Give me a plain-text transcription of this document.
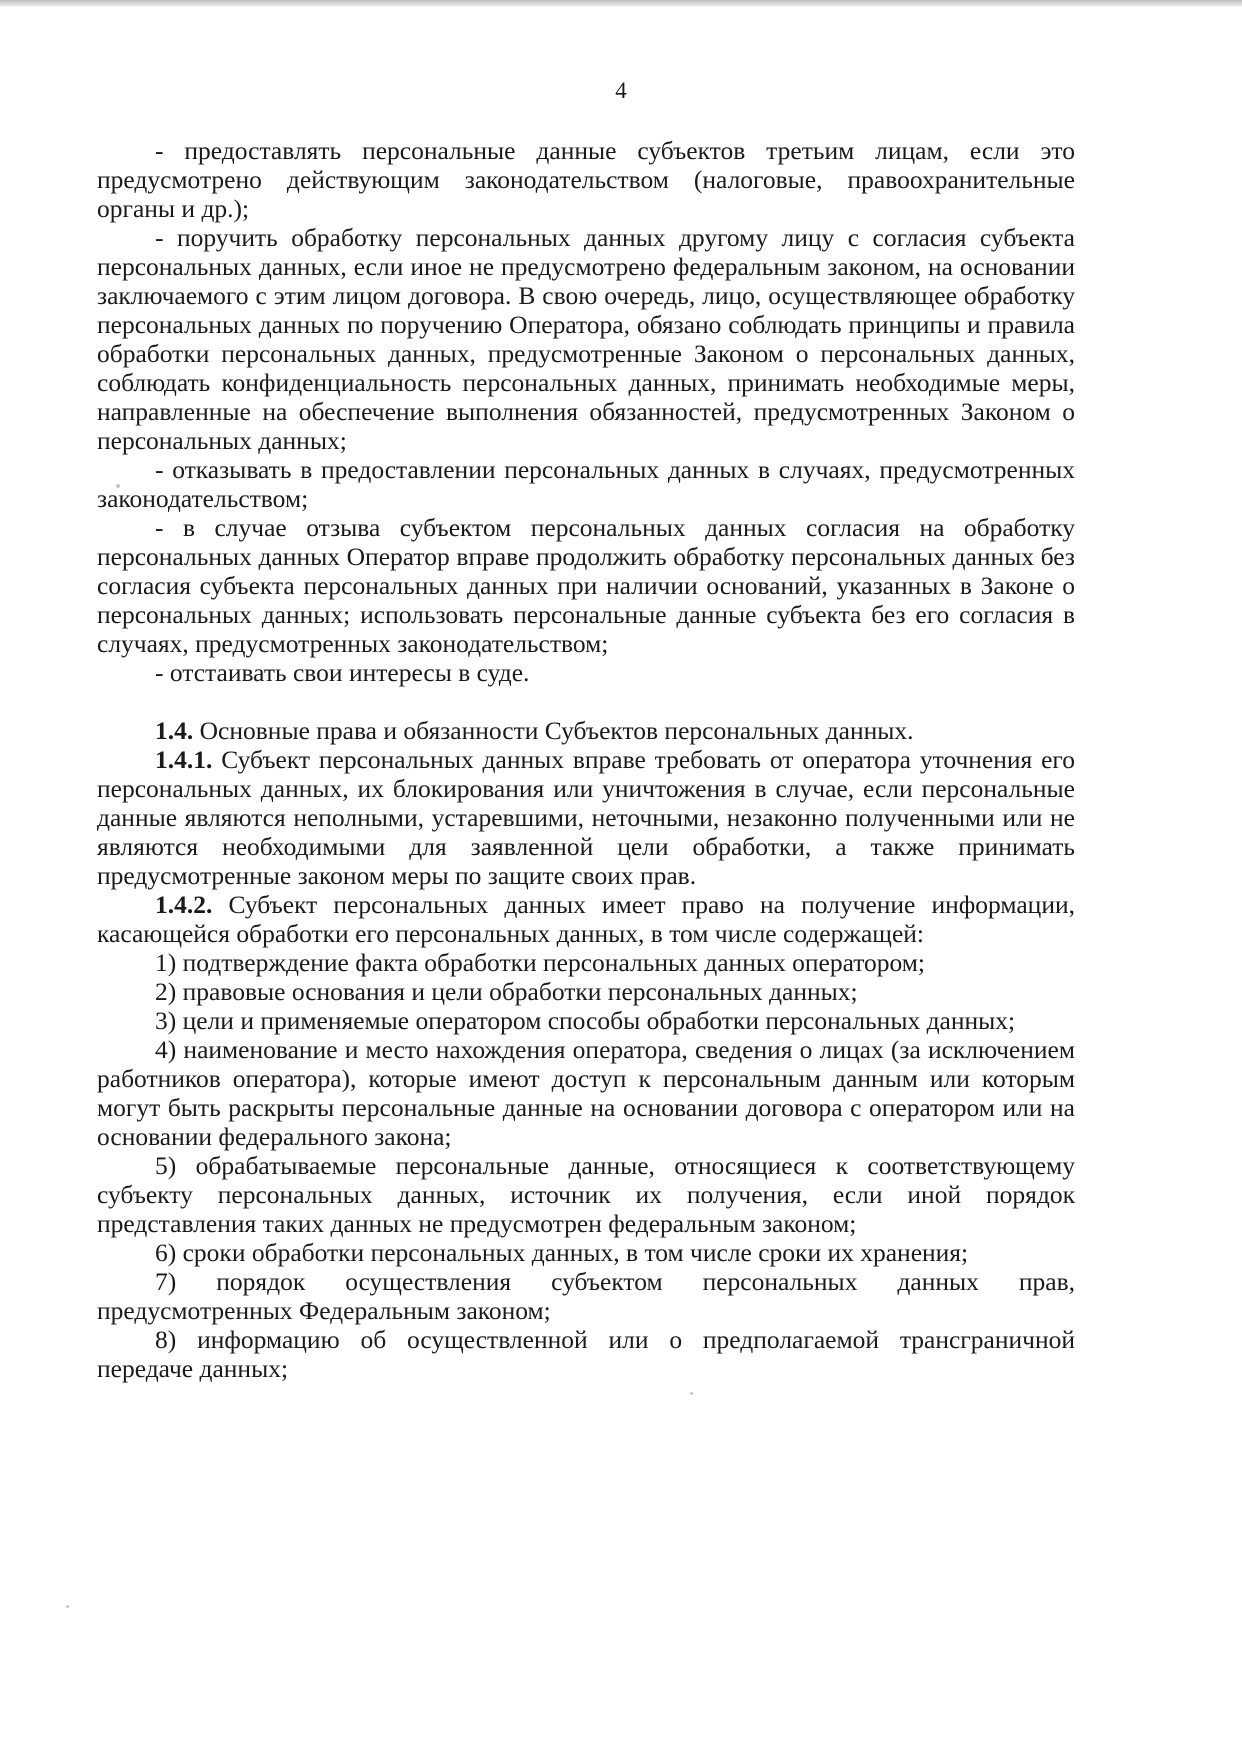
4

- предоставлять персональные данные субъектов третьим лицам, если это предусмотрено действующим законодательством (налоговые, правоохранительные органы и др.);

- поручить обработку персональных данных другому лицу с согласия субъекта персональных данных, если иное не предусмотрено федеральным законом, на основании заключаемого с этим лицом договора. В свою очередь, лицо, осуществляющее обработку персональных данных по поручению Оператора, обязано соблюдать принципы и правила обработки персональных данных, предусмотренные Законом о персональных данных, соблюдать конфиденциальность персональных данных, принимать необходимые меры, направленные на обеспечение выполнения обязанностей, предусмотренных Законом о персональных данных;

- отказывать в предоставлении персональных данных в случаях, предусмотренных законодательством;

- в случае отзыва субъектом персональных данных согласия на обработку персональных данных Оператор вправе продолжить обработку персональных данных без согласия субъекта персональных данных при наличии оснований, указанных в Законе о персональных данных; использовать персональные данные субъекта без его согласия в случаях, предусмотренных законодательством;

- отстаивать свои интересы в суде.

1.4. Основные права и обязанности Субъектов персональных данных.

1.4.1. Субъект персональных данных вправе требовать от оператора уточнения его персональных данных, их блокирования или уничтожения в случае, если персональные данные являются неполными, устаревшими, неточными, незаконно полученными или не являются необходимыми для заявленной цели обработки, а также принимать предусмотренные законом меры по защите своих прав.

1.4.2. Субъект персональных данных имеет право на получение информации, касающейся обработки его персональных данных, в том числе содержащей:

1) подтверждение факта обработки персональных данных оператором;

2) правовые основания и цели обработки персональных данных;

3) цели и применяемые оператором способы обработки персональных данных;

4) наименование и место нахождения оператора, сведения о лицах (за исключением работников оператора), которые имеют доступ к персональным данным или которым могут быть раскрыты персональные данные на основании договора с оператором или на основании федерального закона;

5) обрабатываемые персональные данные, относящиеся к соответствующему субъекту персональных данных, источник их получения, если иной порядок представления таких данных не предусмотрен федеральным законом;

6) сроки обработки персональных данных, в том числе сроки их хранения;

7) порядок осуществления субъектом персональных данных прав, предусмотренных Федеральным законом;

8) информацию об осуществленной или о предполагаемой трансграничной передаче данных;
